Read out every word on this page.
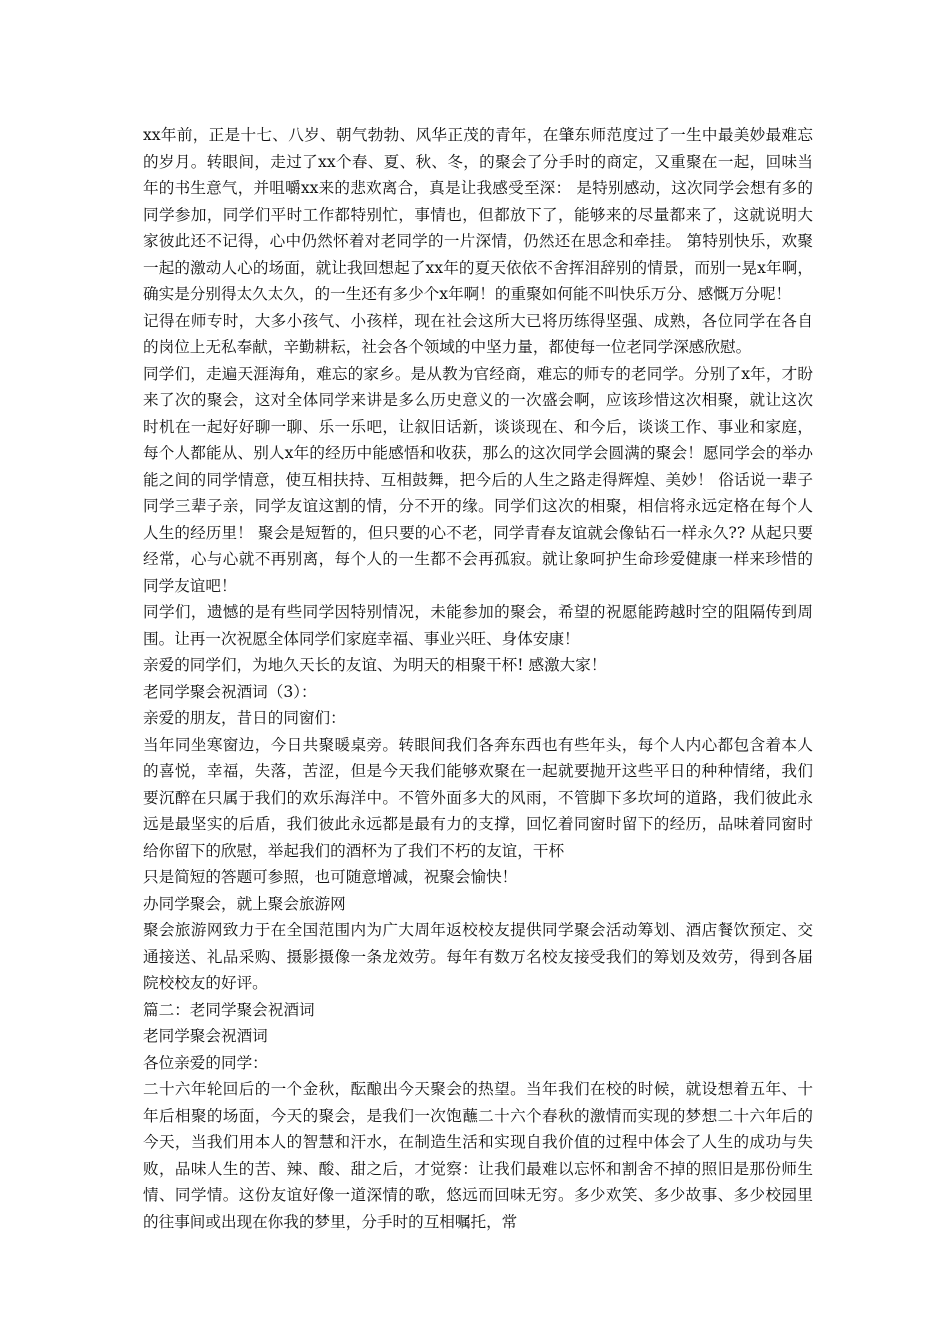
xx年前，正是十七、八岁、朝气勃勃、风华正茂的青年，在肇东师范度过了一生中最美妙最难忘的岁月。转眼间，走过了xx个春、夏、秋、冬，的聚会了分手时的商定，又重聚在一起，回味当年的书生意气，并咀嚼xx来的悲欢离合，真是让我感受至深： 是特别感动，这次同学会想有多的同学参加，同学们平时工作都特别忙，事情也，但都放下了，能够来的尽量都来了，这就说明大家彼此还不记得，心中仍然怀着对老同学的一片深情，仍然还在思念和牵挂。 第特别快乐，欢聚一起的激动人心的场面，就让我回想起了xx年的夏天依依不舍挥泪辞别的情景，而别一晃x年啊，确实是分别得太久太久，的一生还有多少个x年啊！的重聚如何能不叫快乐万分、感慨万分呢！

记得在师专时，大多小孩气、小孩样，现在社会这所大已将历练得坚强、成熟，各位同学在各自的岗位上无私奉献，辛勤耕耘，社会各个领域的中坚力量，都使每一位老同学深感欣慰。

同学们，走遍天涯海角，难忘的家乡。是从教为官经商，难忘的师专的老同学。分别了x年，才盼来了次的聚会，这对全体同学来讲是多么历史意义的一次盛会啊，应该珍惜这次相聚，就让这次时机在一起好好聊一聊、乐一乐吧，让叙旧话新，谈谈现在、和今后，谈谈工作、事业和家庭，每个人都能从、别人x年的经历中能感悟和收获，那么的这次同学会圆满的聚会！愿同学会的举办能之间的同学情意，使互相扶持、互相鼓舞，把今后的人生之路走得辉煌、美妙！ 俗话说一辈子同学三辈子亲，同学友谊这割的情，分不开的缘。同学们这次的相聚，相信将永远定格在每个人人生的经历里！ 聚会是短暂的，但只要的心不老，同学青春友谊就会像钻石一样永久?? 从起只要经常，心与心就不再别离，每个人的一生都不会再孤寂。就让象呵护生命珍爱健康一样来珍惜的同学友谊吧！

同学们，遗憾的是有些同学因特别情况，未能参加的聚会，希望的祝愿能跨越时空的阻隔传到周围。让再一次祝愿全体同学们家庭幸福、事业兴旺、身体安康！

亲爱的同学们，为地久天长的友谊、为明天的相聚干杯! 感激大家！

老同学聚会祝酒词（3）：

亲爱的朋友，昔日的同窗们：

当年同坐寒窗边，今日共聚暖桌旁。转眼间我们各奔东西也有些年头，每个人内心都包含着本人的喜悦，幸福，失落，苦涩，但是今天我们能够欢聚在一起就要抛开这些平日的种种情绪，我们要沉醉在只属于我们的欢乐海洋中。不管外面多大的风雨，不管脚下多坎坷的道路，我们彼此永远是最坚实的后盾，我们彼此永远都是最有力的支撑，回忆着同窗时留下的经历，品味着同窗时给你留下的欣慰，举起我们的酒杯为了我们不朽的友谊，干杯

只是简短的答题可参照，也可随意增减，祝聚会愉快！

办同学聚会，就上聚会旅游网

聚会旅游网致力于在全国范围内为广大周年返校校友提供同学聚会活动筹划、酒店餐饮预定、交通接送、礼品采购、摄影摄像一条龙效劳。每年有数万名校友接受我们的筹划及效劳，得到各届院校校友的好评。

篇二：老同学聚会祝酒词

老同学聚会祝酒词

各位亲爱的同学：

二十六年轮回后的一个金秋，酝酿出今天聚会的热望。当年我们在校的时候，就设想着五年、十年后相聚的场面，今天的聚会，是我们一次饱蘸二十六个春秋的激情而实现的梦想二十六年后的今天，当我们用本人的智慧和汗水，在制造生活和实现自我价值的过程中体会了人生的成功与失败，品味人生的苦、辣、酸、甜之后，才觉察：让我们最难以忘怀和割舍不掉的照旧是那份师生情、同学情。这份友谊好像一道深情的歌，悠远而回味无穷。多少欢笑、多少故事、多少校园里的往事间或出现在你我的梦里，分手时的互相嘱托，常
